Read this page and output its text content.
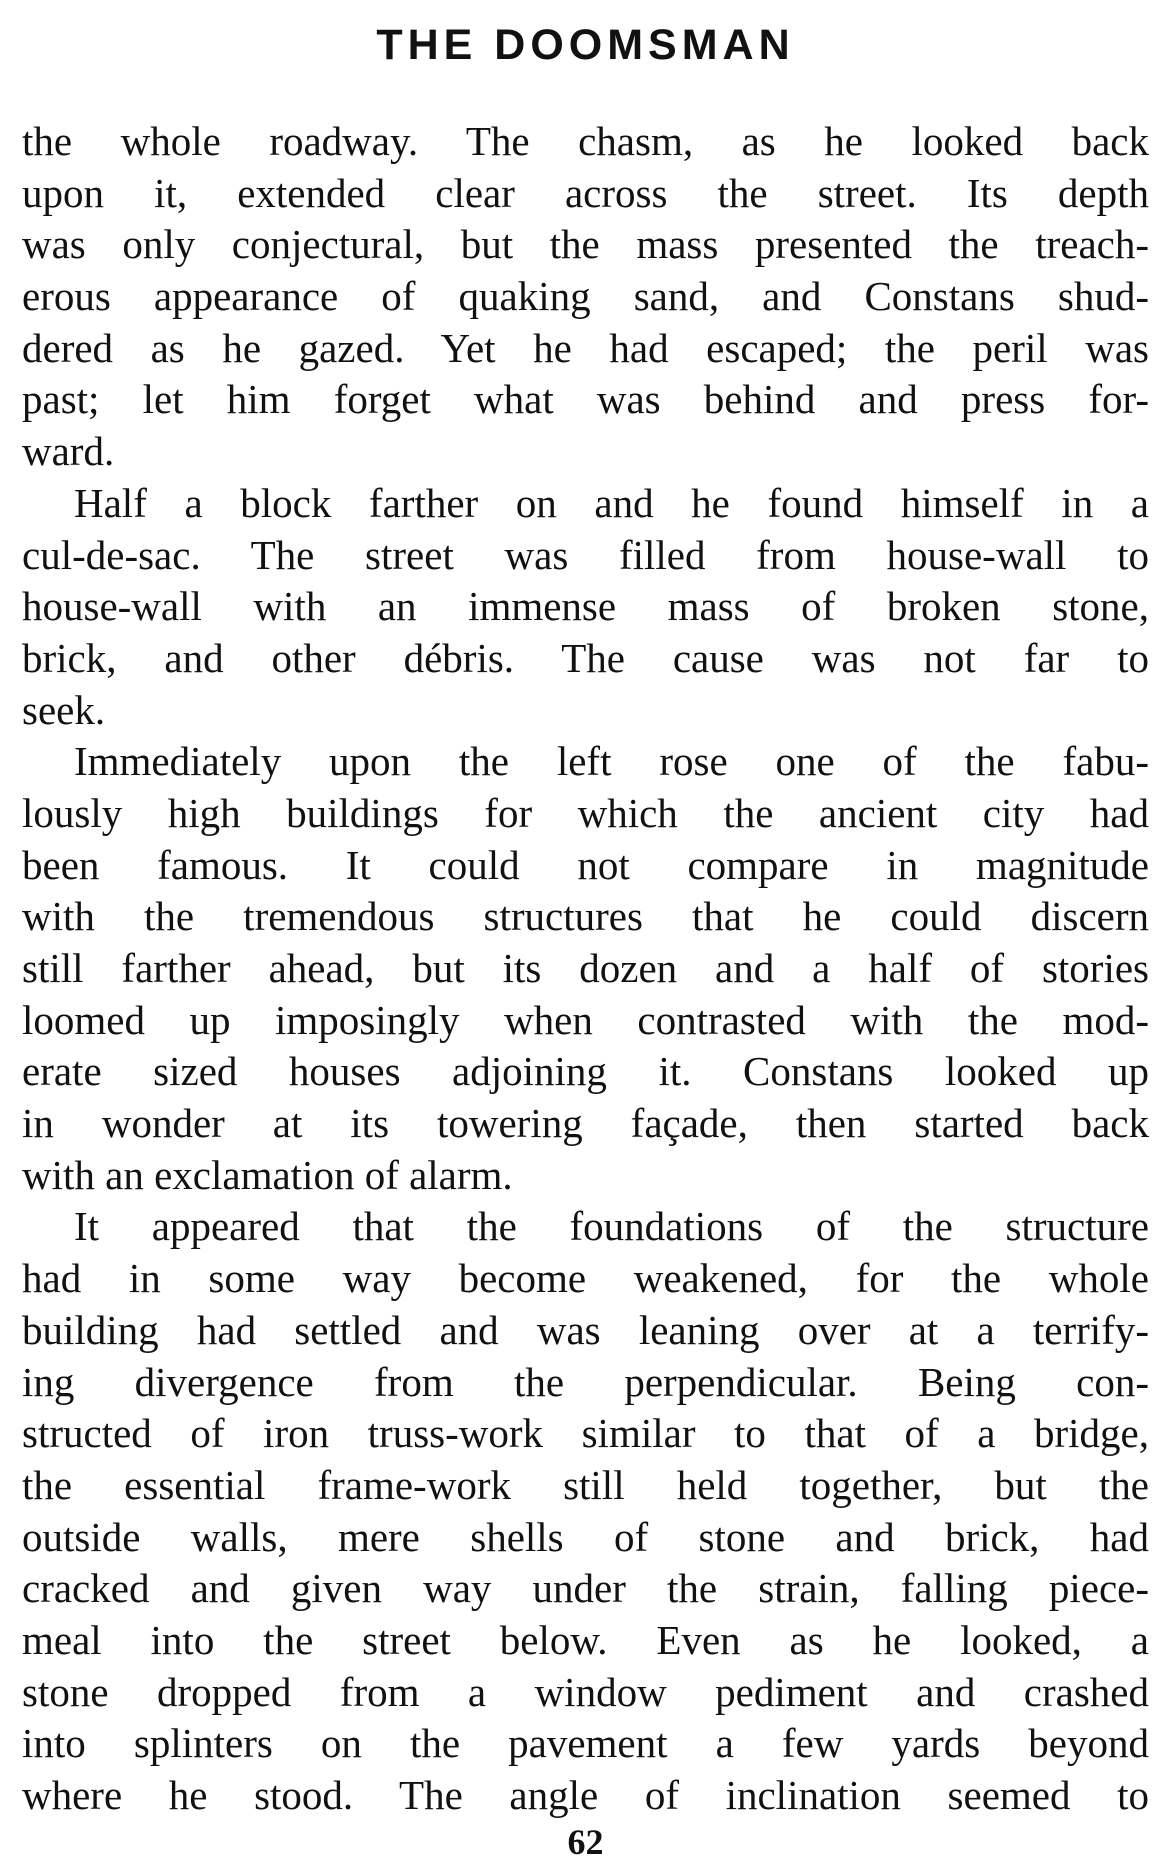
THE DOOMSMAN
the whole roadway. The chasm, as he looked back
upon it, extended clear across the street. Its depth
was only conjectural, but the mass presented the treach-
erous appearance of quaking sand, and Constans shud-
dered as he gazed. Yet he had escaped; the peril was
past; let him forget what was behind and press for-
ward.
Half a block farther on and he found himself in a
cul-de-sac. The street was filled from house-wall to
house-wall with an immense mass of broken stone,
brick, and other débris. The cause was not far to
seek.
Immediately upon the left rose one of the fabu-
lously high buildings for which the ancient city had
been famous. It could not compare in magnitude
with the tremendous structures that he could discern
still farther ahead, but its dozen and a half of stories
loomed up imposingly when contrasted with the mod-
erate sized houses adjoining it. Constans looked up
in wonder at its towering façade, then started back
with an exclamation of alarm.
It appeared that the foundations of the structure
had in some way become weakened, for the whole
building had settled and was leaning over at a terrify-
ing divergence from the perpendicular. Being con-
structed of iron truss-work similar to that of a bridge,
the essential frame-work still held together, but the
outside walls, mere shells of stone and brick, had
cracked and given way under the strain, falling piece-
meal into the street below. Even as he looked, a
stone dropped from a window pediment and crashed
into splinters on the pavement a few yards beyond
where he stood. The angle of inclination seemed to
62
